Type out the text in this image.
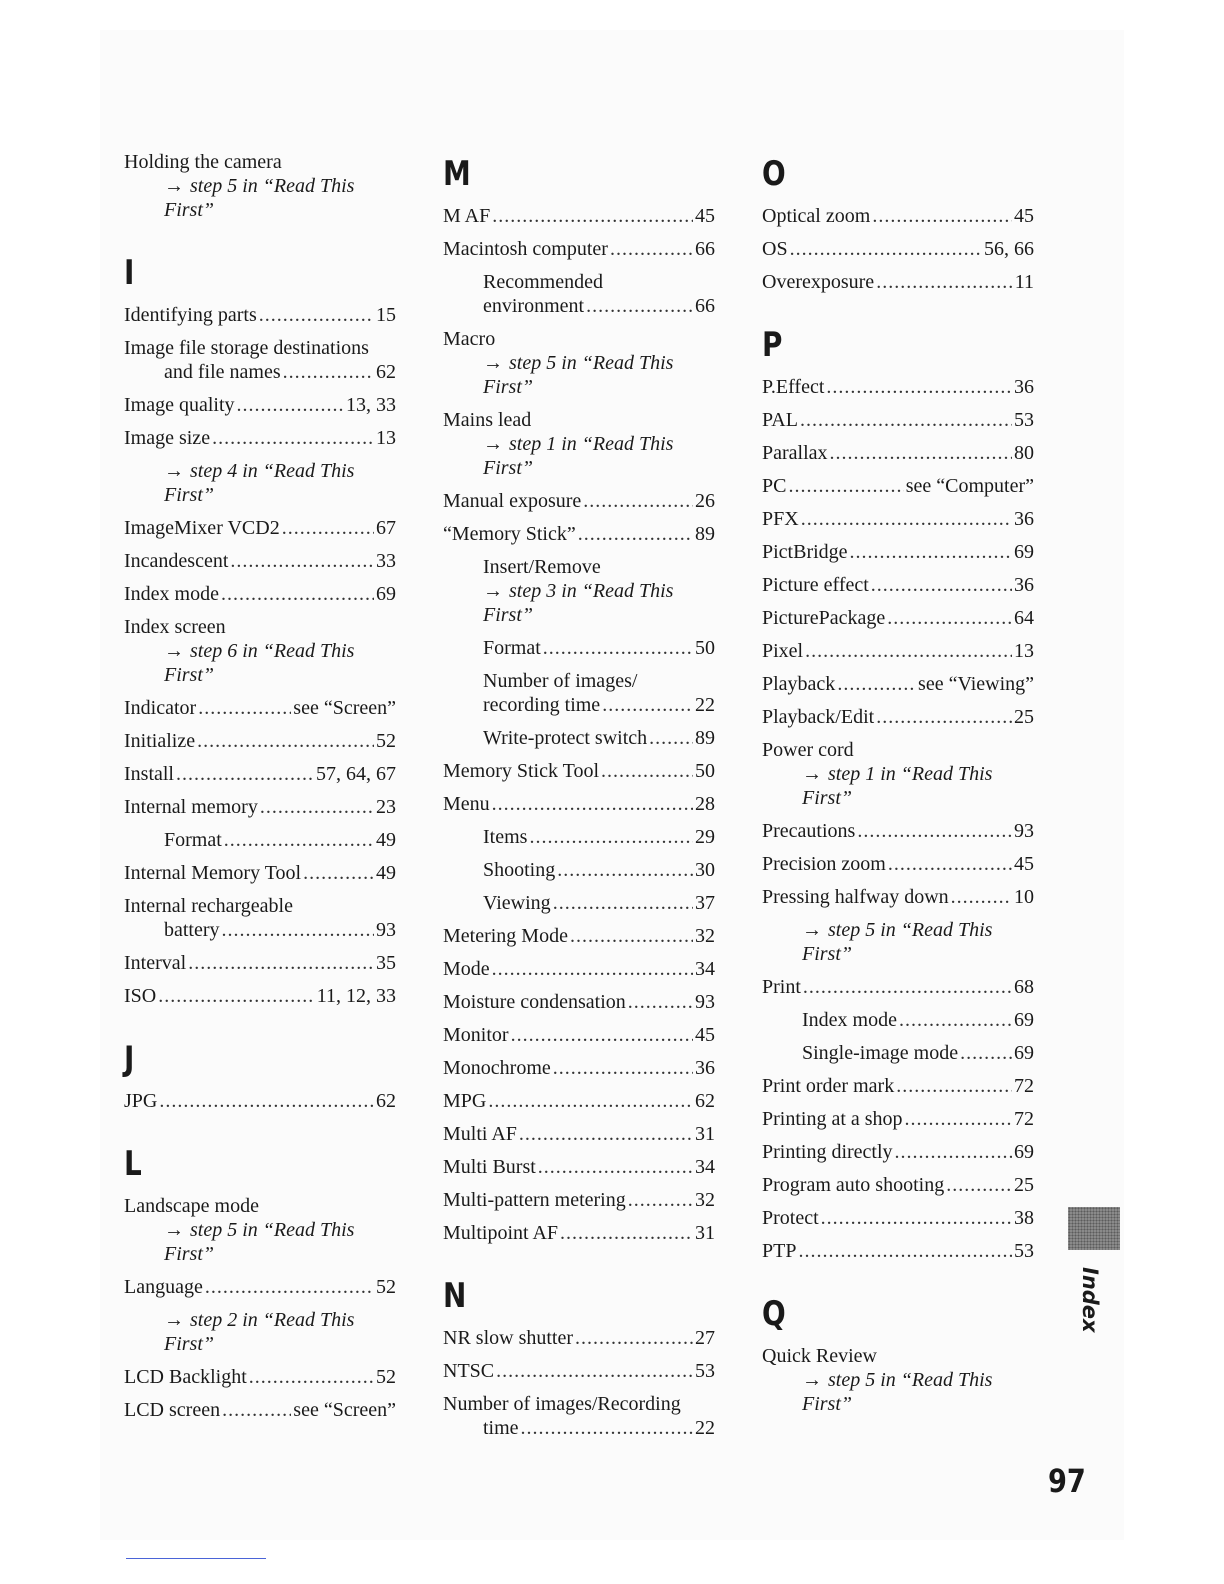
Holding the camera
→ step 5 in “Read This
First”
I
Identifying parts .....	15
Image file storage destinations
and file names .....	62
Image quality .....	13, 33
Image size .....	13
→ step 4 in “Read This
First”
ImageMixer VCD2 .....	67
Incandescent .....	33
Index mode .....	69
Index screen
→ step 6 in “Read This
First”
Indicator .....	see “Screen”
Initialize .....	52
Install .....	57, 64, 67
Internal memory .....	23
Format .....	49
Internal Memory Tool .....	49
Internal rechargeable
battery .....	93
Interval .....	35
ISO .....	11, 12, 33
J
JPG .....	62
L
Landscape mode
→ step 5 in “Read This
First”
Language .....	52
→ step 2 in “Read This
First”
LCD Backlight .....	52
LCD screen .....	see “Screen”
M
M AF .....	45
Macintosh computer .....	66
Recommended
environment .....	66
Macro
→ step 5 in “Read This
First”
Mains lead
→ step 1 in “Read This
First”
Manual exposure .....	26
“Memory Stick” .....	89
Insert/Remove
→ step 3 in “Read This
First”
Format .....	50
Number of images/
recording time .....	22
Write-protect switch ..... 89
Memory Stick Tool .....	50
Menu .....	28
Items .....	29
Shooting .....	30
Viewing .....	37
Metering Mode .....	32
Mode .....	34
Moisture condensation .....	93
Monitor .....	45
Monochrome .....	36
MPG .....	62
Multi AF .....	31
Multi Burst .....	34
Multi-pattern metering .....	32
Multipoint AF .....	31
N
NR slow shutter .....	27
NTSC .....	53
Number of images/Recording
time .....	22
O
Optical zoom .....	45
OS .....	56, 66
Overexposure .....	11
P
P.Effect .....	36
PAL .....	53
Parallax .....	80
PC .....	see “Computer”
PFX .....	36
PictBridge .....	69
Picture effect .....	36
PicturePackage .....	64
Pixel .....	13
Playback .....	see “Viewing”
Playback/Edit .....	25
Power cord
→ step 1 in “Read This
First”
Precautions .....	93
Precision zoom .....	45
Pressing halfway down .....	10
→ step 5 in “Read This
First”
Print .....	68
Index mode .....	69
Single-image mode .....	69
Print order mark .....	72
Printing at a shop .....	72
Printing directly .....	69
Program auto shooting .....	25
Protect .....	38
PTP .....	53
Q
Quick Review
→ step 5 in “Read This
First”
Index
97
